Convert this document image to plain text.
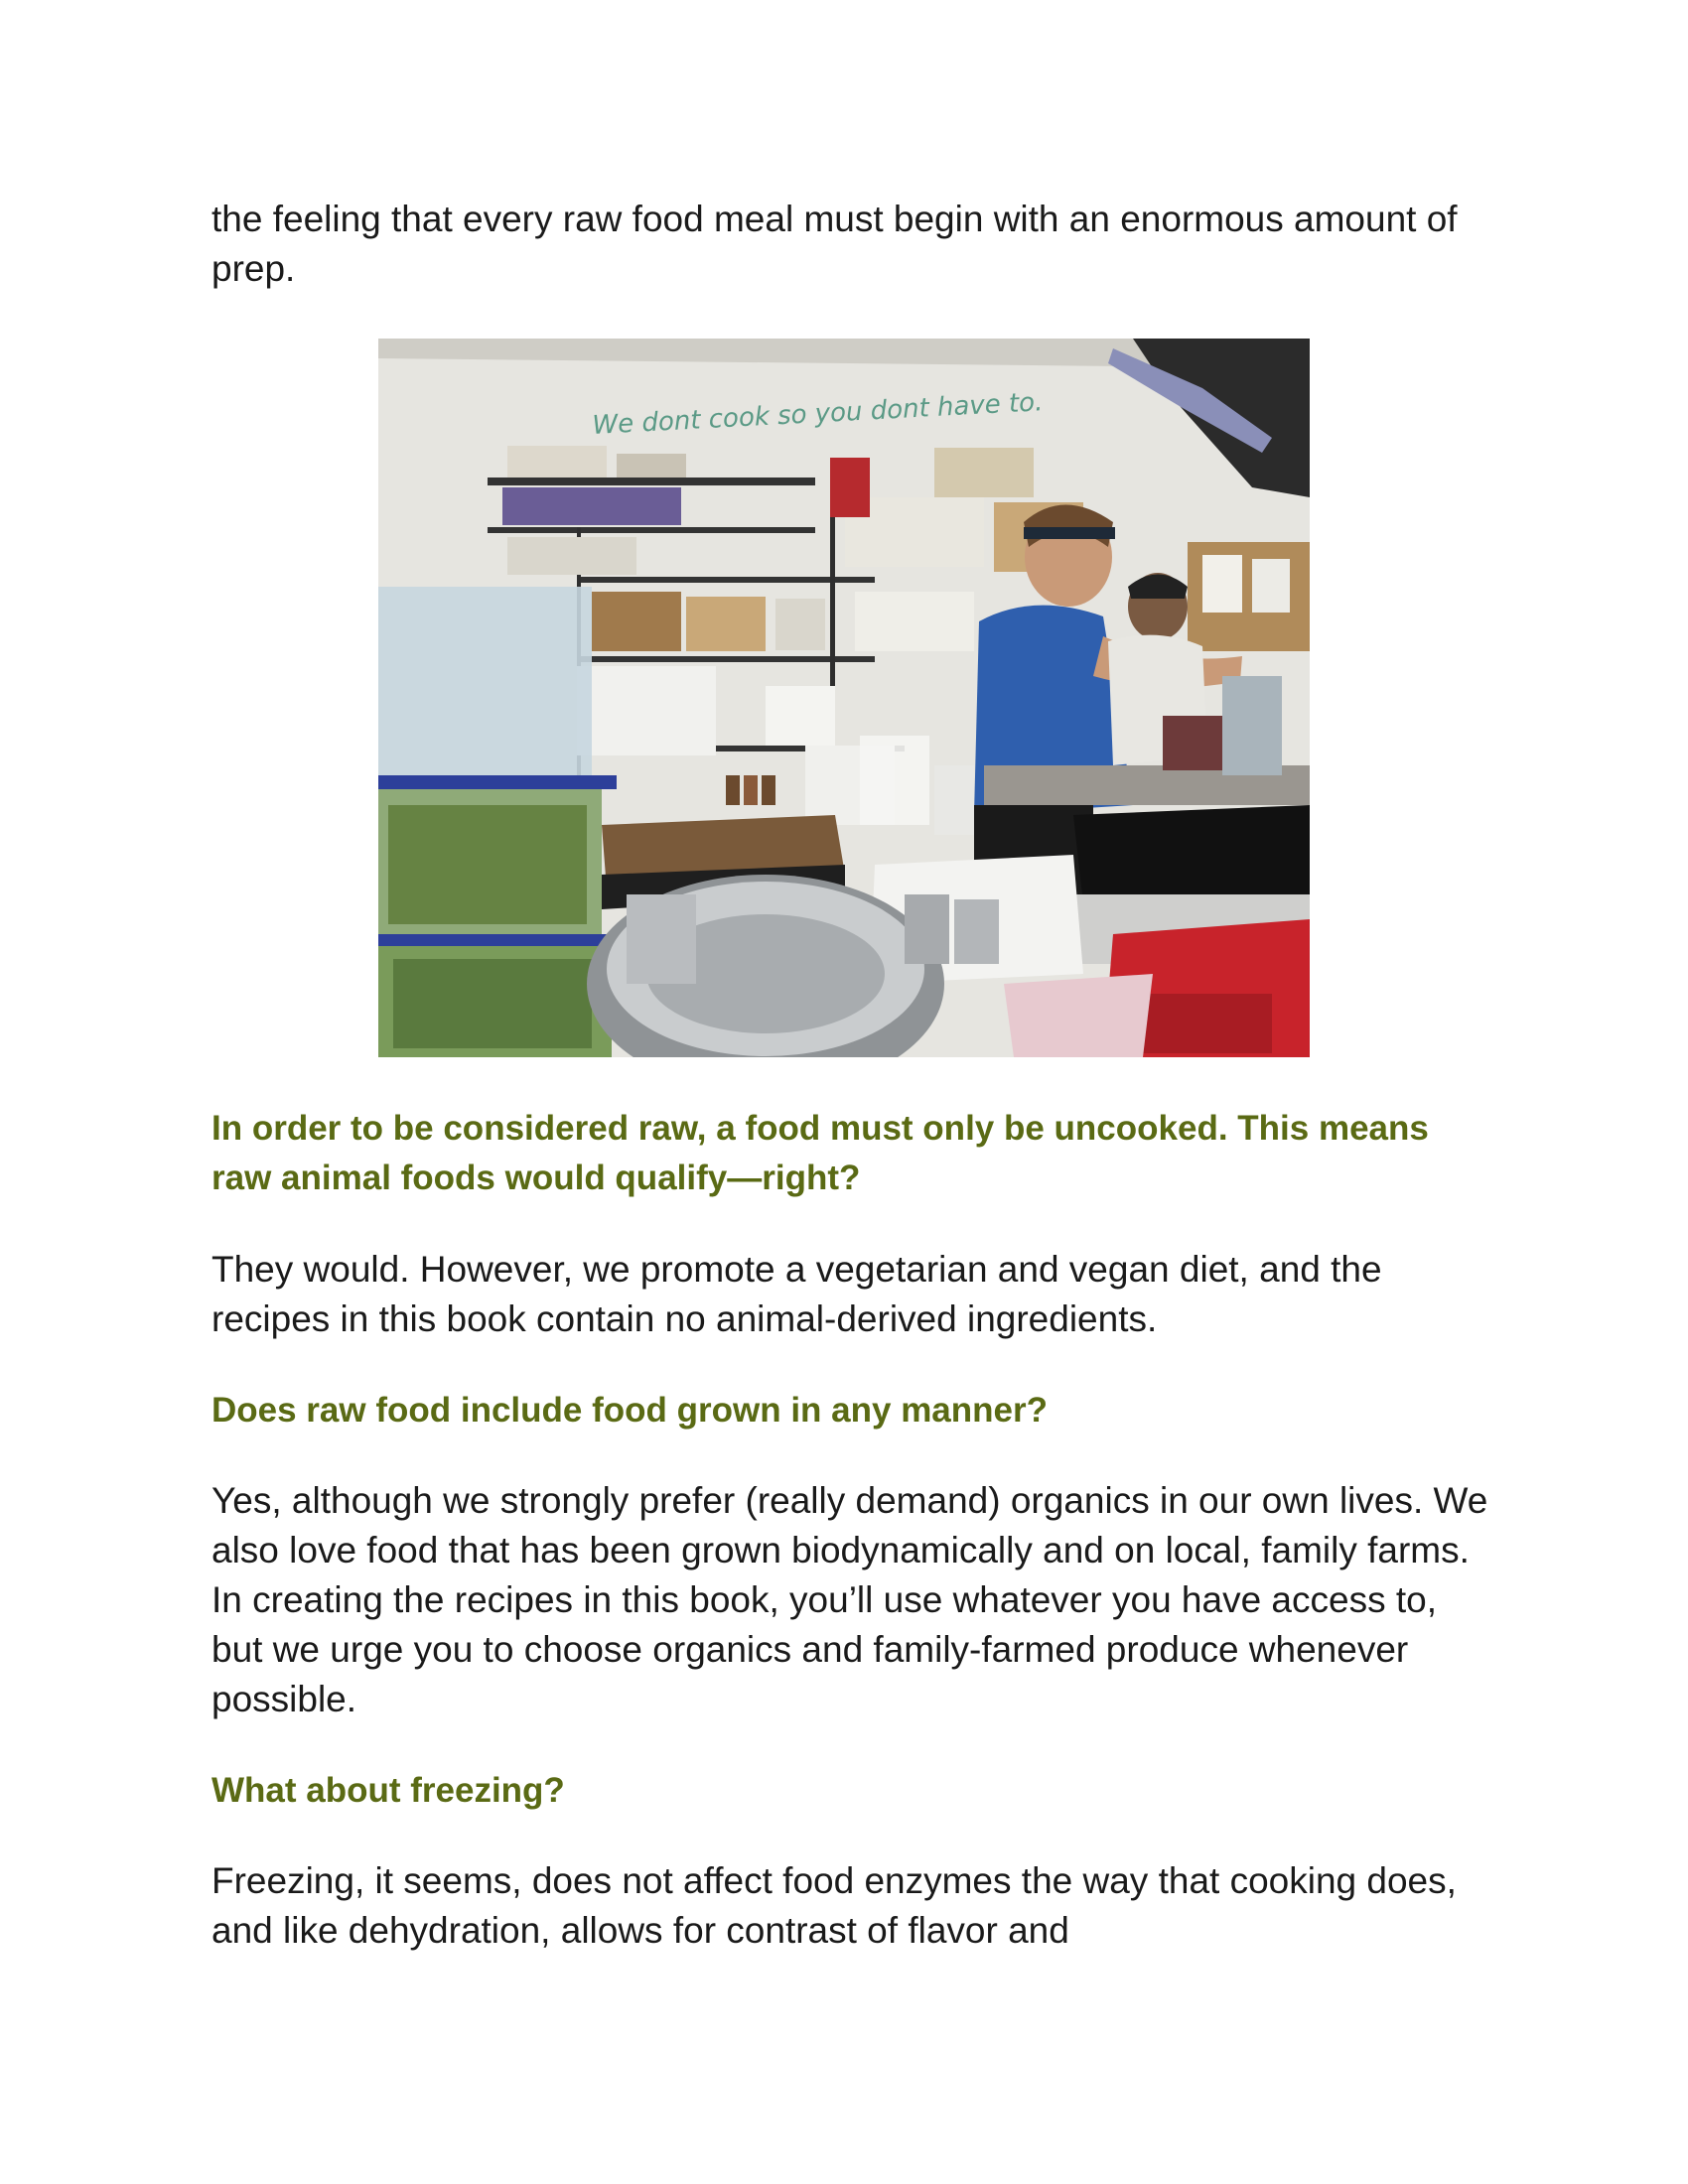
the feeling that every raw food meal must begin with an enormous amount of prep.

We dont cook so you dont have to.

In order to be considered raw, a food must only be uncooked. This means raw animal foods would qualify—right?

They would. However, we promote a vegetarian and vegan diet, and the recipes in this book contain no animal-derived ingredients.

Does raw food include food grown in any manner?

Yes, although we strongly prefer (really demand) organics in our own lives. We also love food that has been grown biodynamically and on local, family farms. In creating the recipes in this book, you’ll use whatever you have access to, but we urge you to choose organics and family-farmed produce whenever possible.

What about freezing?

Freezing, it seems, does not affect food enzymes the way that cooking does, and like dehydration, allows for contrast of flavor and
